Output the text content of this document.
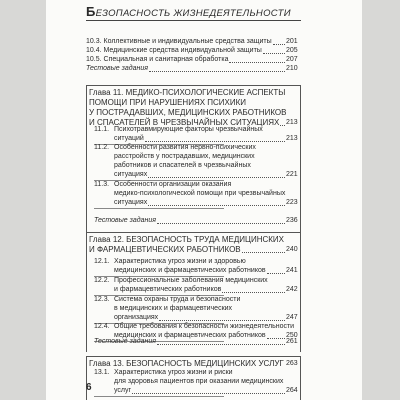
БЕЗОПАСНОСТЬ ЖИЗНЕДЕЯТЕЛЬНОСТИ
10.3. Коллективные и индивидуальные средства защиты 201
10.4. Медицинские средства индивидуальной защиты	205
10.5. Специальная и санитарная обработка	207
Тестовые задания	210
Глава 11. МЕДИКО-ПСИХОЛОГИЧЕСКИЕ АСПЕКТЫ
ПОМОЩИ ПРИ НАРУШЕНИЯХ ПСИХИКИ
У ПОСТРАДАВШИХ, МЕДИЦИНСКИХ РАБОТНИКОВ
И СПАСАТЕЛЕЙ В ЧРЕЗВЫЧАЙНЫХ СИТУАЦИЯХ 213
11.1. Психотравмирующие факторы чрезвычайных
ситуаций	213
11.2. Особенности развития нервно-психических
расстройств у пострадавших, медицинских
работников и спасателей в чрезвычайных
ситуациях	221
11.3. Особенности организации оказания
медико-психологической помощи при чрезвычайных
ситуациях	223
Тестовые задания	236
Глава 12. БЕЗОПАСНОСТЬ ТРУДА МЕДИЦИНСКИХ
И ФАРМАЦЕВТИЧЕСКИХ РАБОТНИКОВ	240
12.1. Характеристика угроз жизни и здоровью
медицинских и фармацевтических работников	241
12.2. Профессиональные заболевания медицинских
и фармацевтических работников	242
12.3. Система охраны труда и безопасности
в медицинских и фармацевтических
организациях	247
12.4. Общие требования к безопасности жизнедеятельности
медицинских и фармацевтических работников	250
Тестовые задания	261
Глава 13. БЕЗОПАСНОСТЬ МЕДИЦИНСКИХ УСЛУГ 263
13.1. Характеристика угроз жизни и риски
для здоровья пациентов при оказании медицинских
услуг	264
6
